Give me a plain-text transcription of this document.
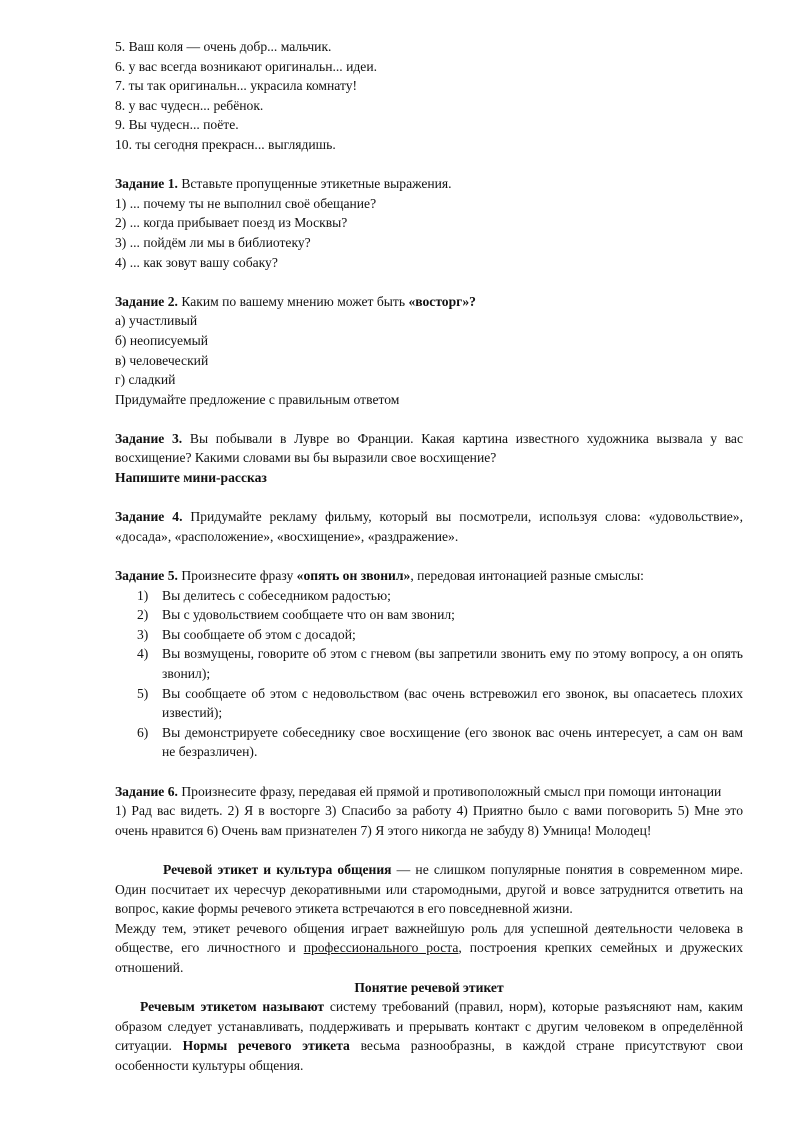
5. Ваш коля — очень добр... мальчик.

6. у вас всегда возникают оригинальн... идеи.

7. ты так оригинальн... украсила комнату!

8. у вас чудесн... ребёнок.

9. Вы чудесн... поёте.

10. ты сегодня прекрасн... выглядишь.

Задание 1. Вставьте пропущенные этикетные выражения.

1) ... почему ты не выполнил своё обещание?

2) ... когда прибывает поезд из Москвы?

3) ... пойдём ли мы в библиотеку?

4) ... как зовут вашу собаку?

Задание 2. Каким по вашему мнению может быть «восторг»?

а) участливый

б) неописуемый

в) человеческий

г) сладкий

Придумайте предложение с правильным ответом

Задание 3. Вы побывали в Лувре во Франции. Какая картина известного художника вызвала у вас восхищение? Какими словами вы бы выразили свое восхищение?

Напишите мини-рассказ

Задание 4. Придумайте рекламу фильму, который вы посмотрели, используя слова: «удовольствие», «досада», «расположение», «восхищение», «раздражение».

Задание 5. Произнесите фразу «опять он звонил», передовая интонацией разные смыслы:

1)	Вы делитесь с собеседником радостью;
2)	Вы с удовольствием сообщаете что он вам звонил;
3)	Вы сообщаете об этом с досадой;
4)	Вы возмущены, говорите об этом с гневом (вы запретили звонить ему по этому вопросу, а он опять звонил);
5)	Вы сообщаете об этом с недовольством (вас очень встревожил его звонок, вы опасаетесь плохих известий);
6)	Вы демонстрируете собеседнику свое восхищение (его звонок вас очень интересует, а сам он вам не безразличен).

Задание 6. Произнесите фразу, передавая ей прямой и противоположный смысл при помощи интонации

1) Рад вас видеть. 2) Я в восторге 3) Спасибо за работу 4) Приятно было с вами поговорить 5) Мне это очень нравится 6) Очень вам признателен 7) Я этого никогда не забуду 8) Умница! Молодец!

Речевой этикет и культура общения — не слишком популярные понятия в современном мире. Один посчитает их чересчур декоративными или старомодными, другой и вовсе затруднится ответить на вопрос, какие формы речевого этикета встречаются в его повседневной жизни.

Между тем, этикет речевого общения играет важнейшую роль для успешной деятельности человека в обществе, его личностного и профессионального роста, построения крепких семейных и дружеских отношений.

Понятие речевой этикет

Речевым этикетом называют систему требований (правил, норм), которые разъясняют нам, каким образом следует устанавливать, поддерживать и прерывать контакт с другим человеком в определённой ситуации. Нормы речевого этикета весьма разнообразны, в каждой стране присутствуют свои особенности культуры общения.
